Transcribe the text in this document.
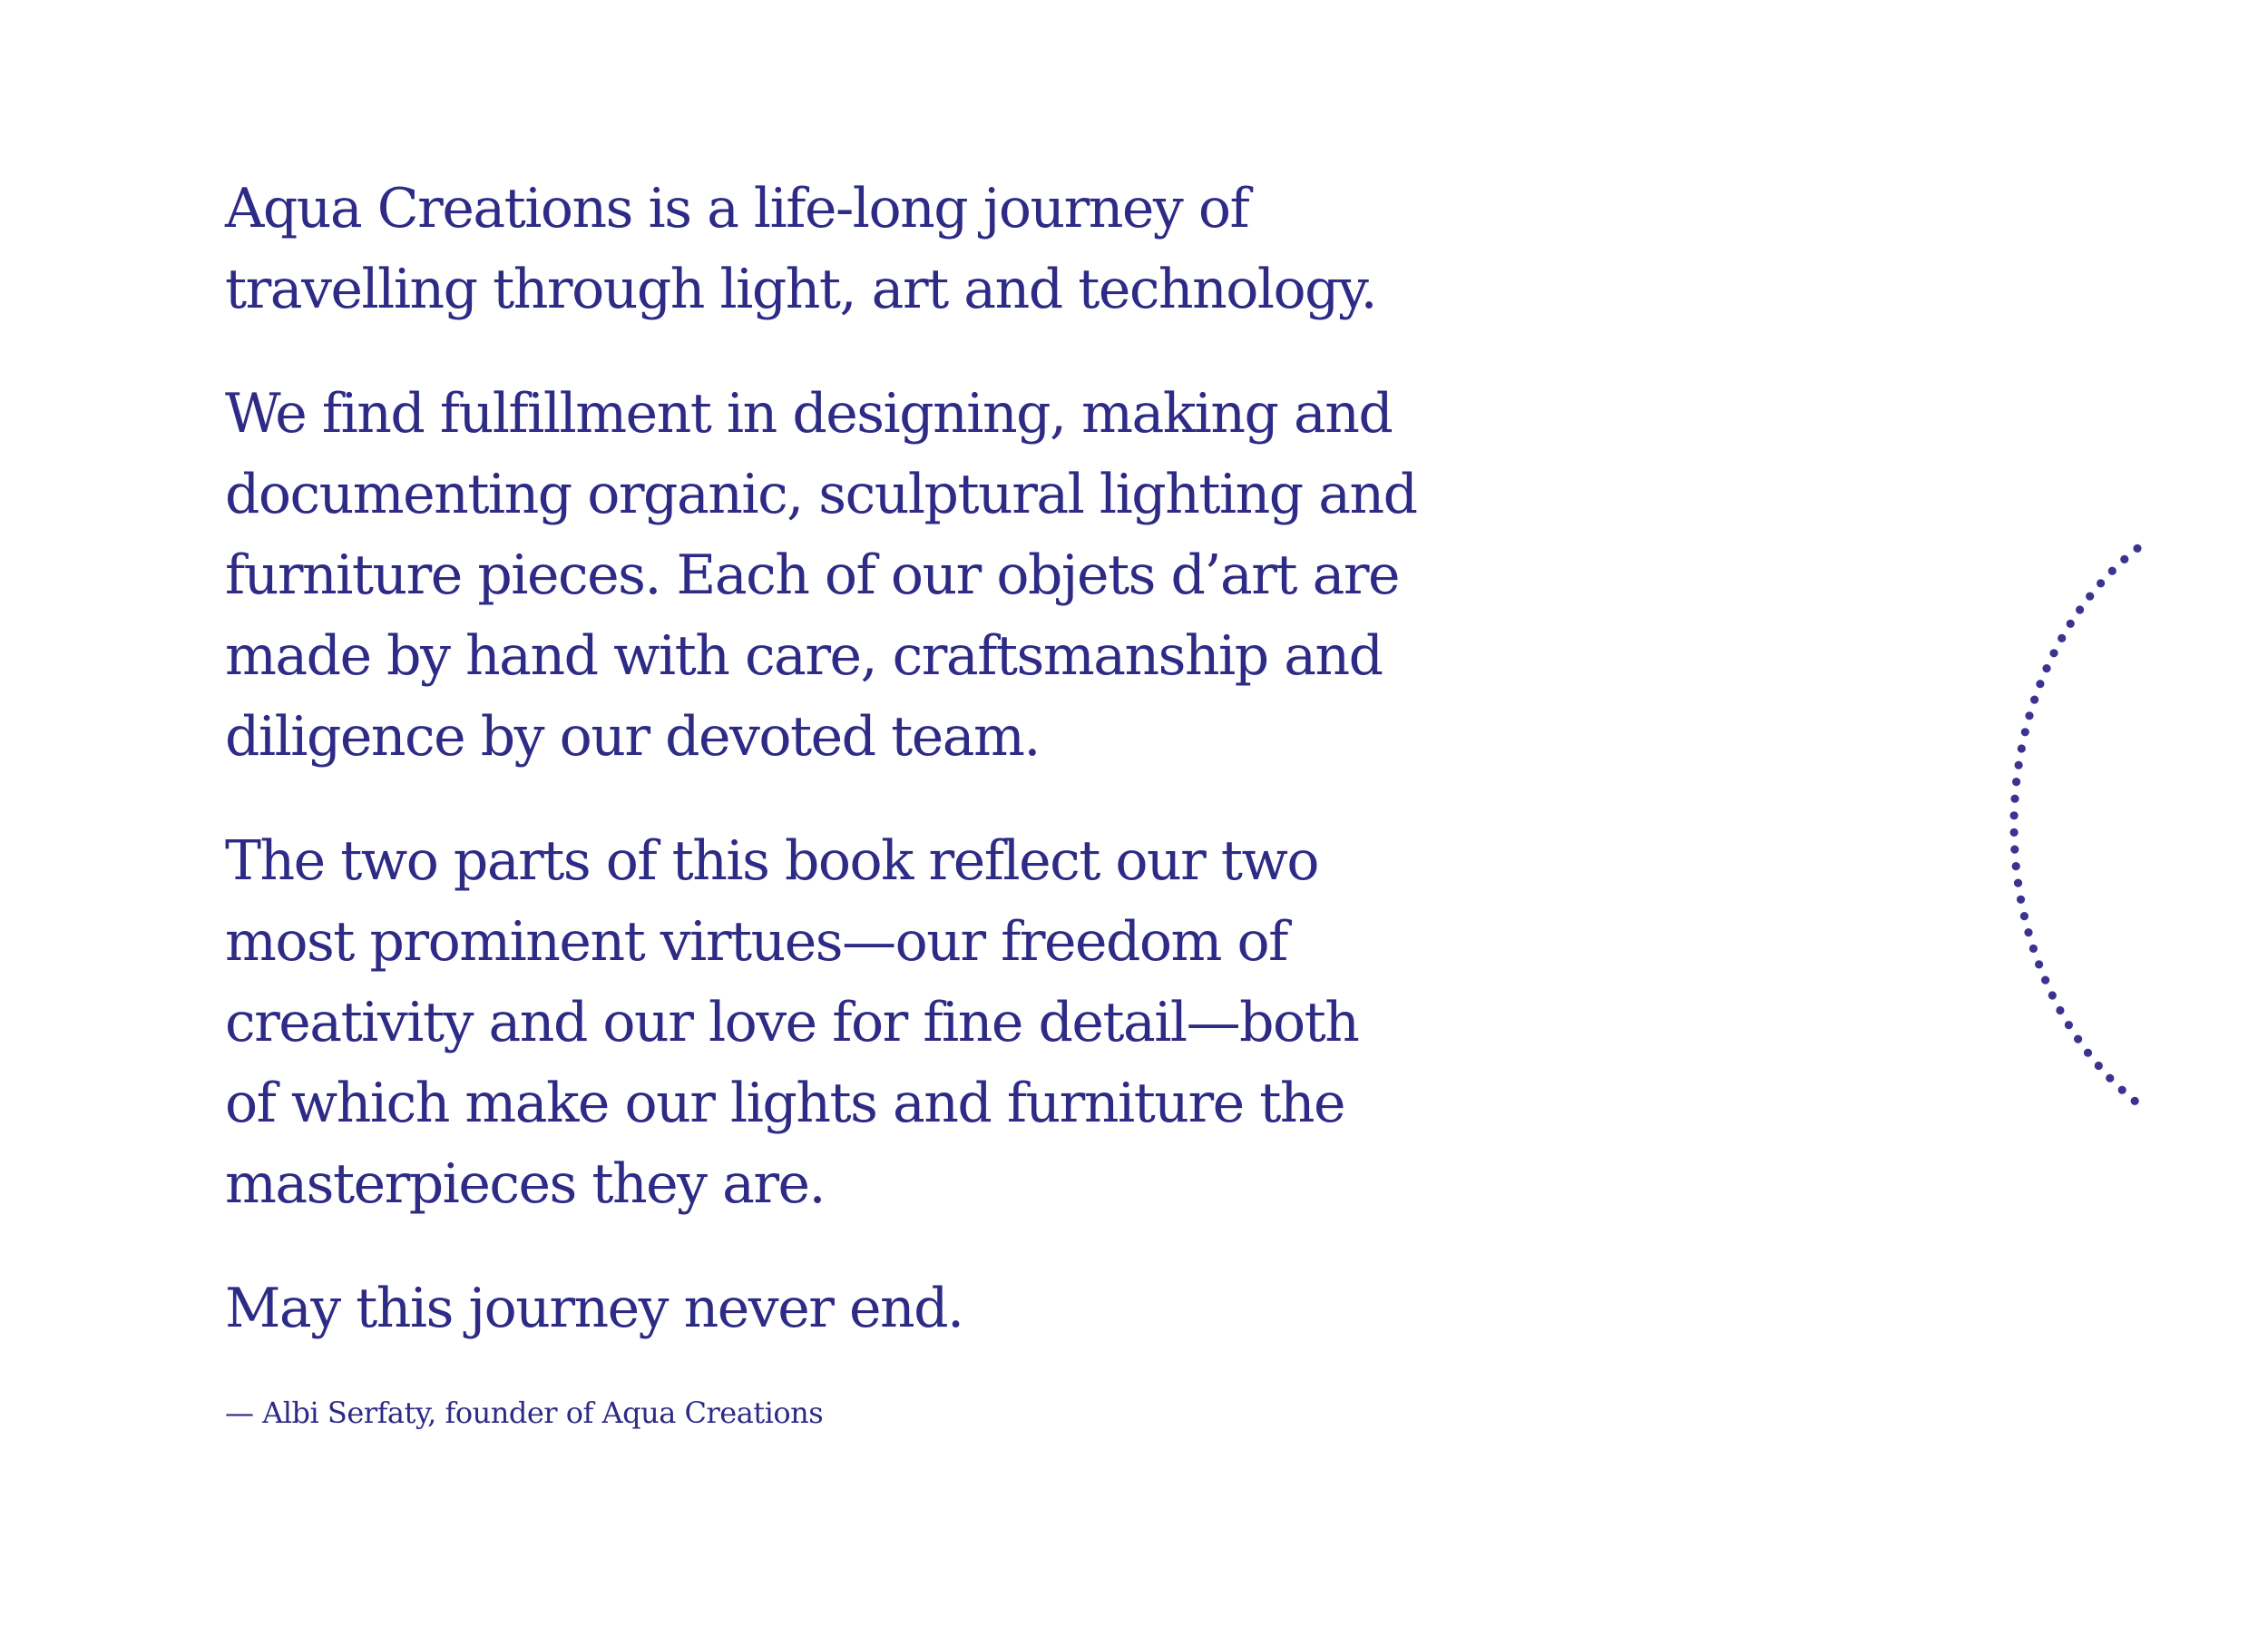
Aqua Creations is a life-long journey of
travelling through light, art and technology.

We find fulfillment in designing, making and
documenting organic, sculptural lighting and
furniture pieces. Each of our objets d’art are
made by hand with care, craftsmanship and
diligence by our devoted team.

The two parts of this book reflect our two
most prominent virtues—our freedom of
creativity and our love for fine detail—both
of which make our lights and furniture the
masterpieces they are.

May this journey never end.

— Albi Serfaty, founder of Aqua Creations
